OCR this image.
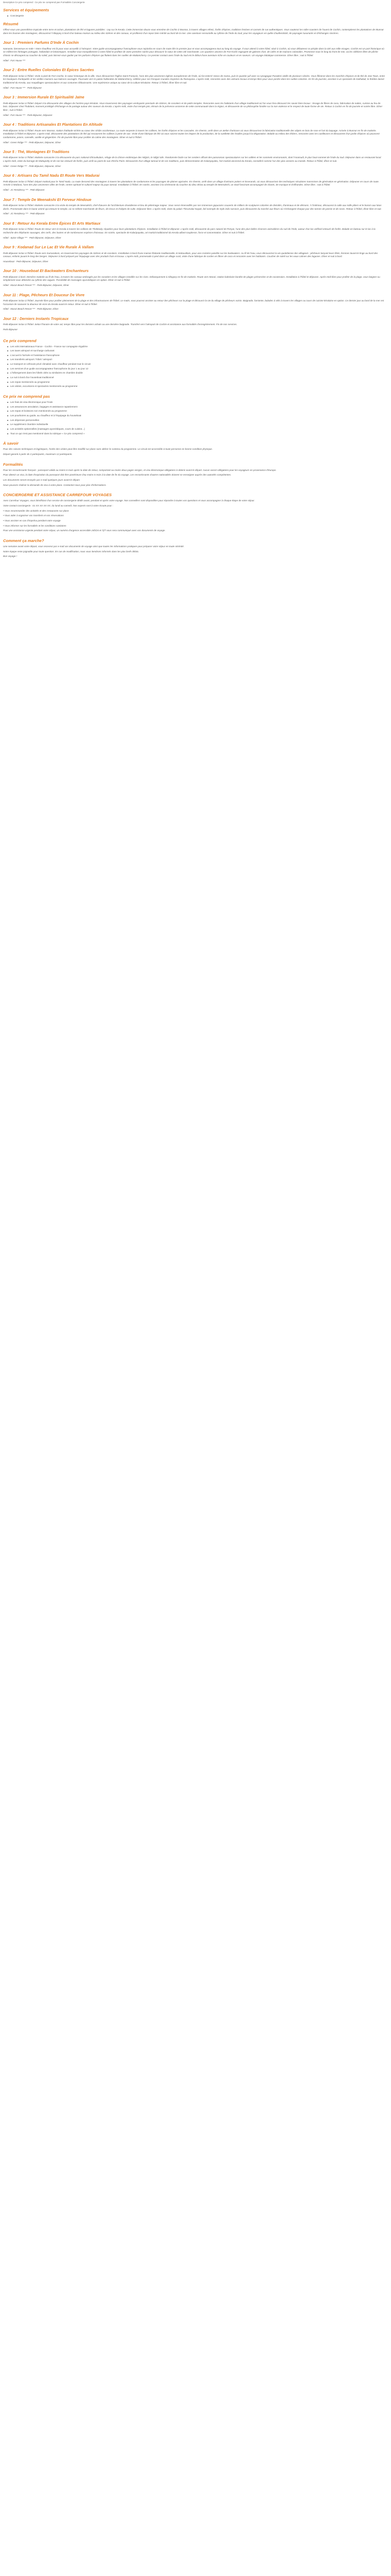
Description Ce prix comprend : Ce prix ne comprend pas Formalités Conciergerie
Services et équipements
Conciergerie
Résumé

Offrez-vous une parenthèse tropicale entre terre et océan, plantations de thé et lagunes paisibles : cap sur le Kerala. Cette immersion douce vous emmène de Cochin à Munnar, à travers villages ethnic, forêts d'épices, traditions festives et carnets de rue authentiques. Vous sauterez les roller-coasters de l'ouest de Cochin, contemplerez les plantations de Munnar dans les brumes des montagnes, découvrirez l'Alleppey à bord d'un bateau maison au milieu des rizières et des canaux, et profiterez d'un repos bien mérité au bord de la mer. Une aventure sensorielle au rythme de l'Inde du Sud, pour les voyageurs en quête d'authenticité, de paysages luxuriants et d'échanges sincères.

Jour 1 : Premiers Parfums D'Inde À Cochin

Namaste, bienvenue en Inde ! Votre chauffeur est là pour vous accueillir à l'aéroport. Votre guide accompagnateur francophone vous rejoindra en cours de route dès le premier jour et vous accompagnera tout au long du voyage. Il vous attend à votre hôtel, situé à Cochin, où vous débuterez ce périple dans la cité aux mille visages. Cochin est un port historique où se mêlent les héritages portugais, hollandais et britanniques. Installez-vous tranquillement à votre hôtel et profitez de votre première soirée pour découvrir le cœur de cette cité marchande. Les quartiers anciens de Fort Kochi regorgent de galeries d'art, de cafés et de maisons coloniales. Promenez-vous le long du front de mer, où les célèbres filets de pêche chinois se découpent au coucher du soleil, puis laissez-vous guider par les parfums d'épices qui flottent dans les ruelles de Mattancherry. Ce premier contact avec l'Inde du Sud est le début d'une aventure riche en couleurs et en saveurs. Un voyage initiatique commence. Dîner libre ; nuit à l'hôtel.

Hôtel : Fort House ***
Jour 2 : Entre Ruelles Coloniales Et Épices Sacrées

Petit-déjeuner inclus à l'hôtel. Visite à pied de Fort Cochin, le cœur historique de la ville. Vous découvrirez l'église Saint-François, l'une des plus anciennes églises européennes de l'Inde, où fut enterré Vasco de Gama, puis le quartier juif avec sa synagogue Paradesi vieille de plusieurs siècles. Vous flânerez dans les marchés d'épices et de thé de Jew Town, entre les boutiques d'antiquités et les vieilles maisons aux balcons ouvragés. Poursuite vers le palais hollandais de Mattancherry, célèbre pour ses fresques murales inspirées du Ramayana. L'après-midi, rencontre avec des artisans locaux et temps libre pour vous perdre dans les ruelles colorées. En fin de journée, assistez à un spectacle de Kathakali, le théâtre dansé traditionnel du Kerala, aux maquillages spectaculaires et aux costumes éblouissants. Une expérience unique au cœur de la culture kéralaise. Retour à l'hôtel, dîner libre et nuit.

Hôtel : Fort House *** · Petit-déjeuner
Jour 3 : Immersion Rurale Et Spiritualité Jaïne

Petit-déjeuner inclus à l'hôtel. Départ à la découverte des villages de l'arrière-pays kéralais. Vous traverserez des paysages verdoyants ponctués de rizières, de cocotiers et de petits temples. Rencontre avec les habitants d'un village traditionnel où l'on vous fera découvrir les savoir-faire locaux : tissage de fibres de coco, fabrication de nattes, cuisine au feu de bois. Déjeuner chez l'habitant, moment privilégié d'échange et de partage autour des saveurs du Kerala. L'après-midi, visite d'un temple jaïn, témoin de la présence ancienne de cette communauté dans la région, et découverte de sa philosophie fondée sur la non-violence et le respect de toute forme de vie. Retour à Cochin en fin de journée et soirée libre. Dîner libre ; nuit à l'hôtel.

Hôtel : Fort House *** · Petit-déjeuner, Déjeuner
Jour 4 : Traditions Artisanales Et Plantations En Altitude

Petit-déjeuner inclus à l'hôtel. Route vers Munnar, station d'altitude nichée au cœur des Ghâts occidentaux. La route serpente à travers les collines, les forêts d'épices et les cascades. En chemin, arrêt dans un atelier d'artisans où vous découvrirez la fabrication traditionnelle des objets en bois de rose et l'art du laquage. Arrivée à Munnar en fin de matinée. Installation à l'hôtel et déjeuner. L'après-midi, découverte des plantations de thé qui recouvrent les collines à perte de vue. Visite d'une fabrique de thé où vous suivrez toutes les étapes de la production, de la cueillette des feuilles jusqu'à la dégustation. Balade au milieu des théiers, rencontre avec les cueilleuses et découverte d'un jardin d'épices où poussent cardamome, poivre, cannelle, vanille et gingembre. Fin de journée libre pour profiter du calme des montagnes. Dîner et nuit à l'hôtel.

Hôtel : Green Ridge *** · Petit-déjeuner, Déjeuner, Dîner
Jour 5 : Thé, Montagnes Et Traditions

Petit-déjeuner inclus à l'hôtel. Matinée consacrée à la découverte du parc national d'Eravikulam, refuge de la chèvre endémique des Nilgiris, le Nilgiri tahr. Randonnée facile sur les sentiers offrant des panoramas spectaculaires sur les vallées et les sommets environnants, dont l'Anamudi, le plus haut sommet de l'Inde du Sud. Déjeuner dans un restaurant local. L'après-midi, visite du barrage de Mattupetty et de son lac entouré de forêts, puis arrêt au point de vue d'Echo Point. Découverte d'un village tamoul et de ses traditions, puis démonstration de Kalaripayattu, l'art martial ancestral du Kerala, considéré comme l'un des plus anciens au monde. Retour à l'hôtel, dîner et nuit.

Hôtel : Green Ridge *** · Petit-déjeuner, Déjeuner, Dîner
Jour 6 : Artisans Du Tamil Nadu Et Route Vers Madurai

Petit-déjeuner inclus à l'hôtel. Départ matinal pour le Tamil Nadu. La route descend des montagnes à travers les plantations de cardamome et les paysages de plaines agricoles. En chemin, arrêt dans un village d'artisans potiers et tisserands, où vous découvrirez des techniques séculaires transmises de génération en génération. Déjeuner en cours de route. Arrivée à Madurai, l'une des plus anciennes villes de l'Inde, centre spirituel et culturel majeur du pays tamoul. Installation à l'hôtel. En soirée, assistez à la cérémonie du coucher du dieu Shiva au temple de Meenakshi, un rituel fascinant accompagné de chants, de musique et d'offrandes. Dîner libre ; nuit à l'hôtel.

Hôtel : JC Residency *** · Petit-déjeuner
Jour 7 : Temple De Meenakshi Et Ferveur Hindoue

Petit-déjeuner inclus à l'hôtel. Matinée consacrée à la visite du temple de Meenakshi, chef-d'œuvre de l'architecture dravidienne et lieu de pèlerinage majeur. Vous serez émerveillés par ses immenses gopurams couverts de milliers de sculptures colorées de divinités, d'animaux et de démons. À l'intérieur, découvrez la salle aux mille piliers et le bassin aux lotus dorés. Promenade dans le bazar animé qui entoure le temple, où se mêlent marchands de fleurs, de tissus et d'objets de culte. Déjeuner libre. L'après-midi, visite du palais Thirumalai Nayak, bel exemple de style indo-sarrasin, puis découverte du marché aux fleurs où s'échangent chaque jour des tonnes de jasmin et de roses. Retour à l'hôtel, dîner libre et nuit.

Hôtel : JC Residency *** · Petit-déjeuner
Jour 8 : Retour Au Kerala Entre Épices Et Arts Martiaux

Petit-déjeuner inclus à l'hôtel. Route de retour vers le Kerala à travers les collines de Thekkady, réputées pour leurs plantations d'épices. Installation à l'hôtel et déjeuner. L'après-midi, découverte du parc naturel de Periyar, l'une des plus belles réserves animalières du sud de l'Inde, autour d'un lac artificiel entouré de forêts. Balade en bateau sur le lac à la recherche des éléphants sauvages, des cerfs, des loutres et de nombreuses espèces d'oiseaux. En soirée, spectacle de Kalaripayattu, art martial traditionnel du Kerala alliant souplesse, force et concentration. Dîner et nuit à l'hôtel.

Hôtel : Spice Village *** · Petit-déjeuner, Déjeuner, Dîner
Jour 9 : Kodanad Sur Le Lac Et Vie Rurale À Vallam

Petit-déjeuner inclus à l'hôtel. Route vers Kumarakom, en traversant les paysages de rizières et de cocotiers. Installation à bord d'une maison flottante traditionnelle, le kettuvallam, pour une croisière paisible sur les backwaters. Au fil de l'eau, vous découvrirez la vie quotidienne des villageois : pêcheurs lançant leurs filets, femmes lavant le linge au bord des canaux, enfants jouant le long des berges. Déjeuner à bord préparé par l'équipage avec des produits frais et locaux. L'après-midi, promenade à pied dans un village rural, visite d'une fabrique de cordes en fibres de coco et rencontre avec les habitants. Coucher de soleil sur les eaux calmes des lagunes. Dîner et nuit à bord.

Houseboat · Petit-déjeuner, Déjeuner, Dîner
Jour 10 : Houseboat Et Backwaters Enchanteurs

Petit-déjeuner à bord. Dernière matinée au fil de l'eau, à travers les canaux ombragés par les cocotiers et les villages installés sur les rives. Débarquement à Alleppey en fin de matinée. Route vers Marari, station balnéaire bordée de plages préservées et de cocoteraies. Installation à l'hôtel et déjeuner. Après-midi libre pour profiter de la plage, vous baigner ou simplement vous détendre au rythme des vagues. Possibilité de massages ayurvédiques en option. Dîner et nuit à l'hôtel.

Hôtel : Marari Beach Resort *** · Petit-déjeuner, Déjeuner, Dîner
Jour 11 : Plage, Pêcheurs Et Douceur De Vivre

Petit-déjeuner inclus à l'hôtel. Journée libre pour profiter pleinement de la plage et des infrastructures de l'hôtel. Le matin, vous pourrez assister au retour des pêcheurs sur la plage et découvrir la vie du village de pêcheurs voisin. Baignade, farniente, balades à vélo à travers les villages ou cours de cuisine kéralaise en option. Ce dernier jour au bord de la mer est l'occasion de savourer la douceur de vivre du Kerala avant le retour. Dîner et nuit à l'hôtel.

Hôtel : Marari Beach Resort *** · Petit-déjeuner, Dîner
Jour 12 : Derniers Instants Tropicaux

Petit-déjeuner inclus à l'hôtel. Selon l'horaire de votre vol, temps libre pour les derniers achats ou une dernière baignade. Transfert vers l'aéroport de Cochin et assistance aux formalités d'enregistrement. Fin de nos services.

Petit-déjeuner
Ce prix comprend
Les vols internationaux France - Cochin - France sur compagnie régulière
Les taxes aéroport et surcharge carburant
L'accueil à l'arrivée et l'assistance francophone
Les transferts aéroport / hôtel / aéroport
Le transport en véhicule privé climatisé avec chauffeur pendant tout le circuit
Les services d'un guide accompagnateur francophone du jour 1 au jour 12
L'hébergement dans les hôtels cités ou similaires en chambre double
La nuit à bord d'un houseboat traditionnel
Les repas mentionnés au programme
Les visites, excursions et spectacles mentionnés au programme
Ce prix ne comprend pas
Les frais de visa électronique pour l'Inde
Les assurances annulation, bagages et assistance rapatriement
Les repas et boissons non mentionnés au programme
Les pourboires au guide, au chauffeur et à l'équipage du houseboat
Les dépenses personnelles
Le supplément chambre individuelle
Les activités optionnelles (massages ayurvédiques, cours de cuisine...)
Tout ce qui n'est pas mentionné dans la rubrique « Ce prix comprend »
À savoir

Pour des raisons techniques et logistiques, l'ordre des visites peut être modifié sur place sans altérer le contenu du programme. Le circuit est accessible à toute personne en bonne condition physique.

Départ garanti à partir de 2 participants, maximum 12 participants.

Formalités

Pour les ressortissants français : passeport valide au moins 6 mois après la date de retour, comportant au moins deux pages vierges, et visa électronique obligatoire à obtenir avant le départ. Aucun vaccin obligatoire pour les voyageurs en provenance d'Europe.

Pour obtenir un visa, la date d'expiration du passeport doit être postérieure d'au moins 6 mois à la date de fin du voyage. Les ressortissants d'autres nationalités doivent se renseigner auprès des autorités compétentes.

Les documents seront envoyés par e-mail quelques jours avant le départ.

Nous pouvons réaliser la demande de visa à votre place. Contactez-nous pour plus d'informations.

CONCIERGERIE ET ASSISTANCE CARREFOUR VOYAGES

Avec Carrefour Voyages, vous bénéficiez d'un service de conciergerie dédié avant, pendant et après votre voyage. Nos conseillers sont disponibles pour répondre à toutes vos questions et vous accompagner à chaque étape de votre séjour.

Votre contact conciergerie : 01 XX XX XX XX, du lundi au samedi. Nos experts sont à votre écoute pour :

• Vous recommander des activités et des restaurants sur place

• Vous aider à organiser vos transferts et vos réservations

• Vous assister en cas d'imprévu pendant votre voyage

• Vous informer sur les formalités et les conditions sanitaires

Pour une assistance urgente pendant votre séjour, un numéro d'urgence accessible 24h/24 et 7j/7 vous sera communiqué avec vos documents de voyage.

Comment ça marche?

Une semaine avant votre départ, vous recevrez par e-mail vos documents de voyage ainsi que toutes les informations pratiques pour préparer votre séjour en toute sérénité.

Notre équipe reste joignable pour toute question. En cas de modification, nous vous tiendrons informés dans les plus brefs délais.

Bon voyage !
